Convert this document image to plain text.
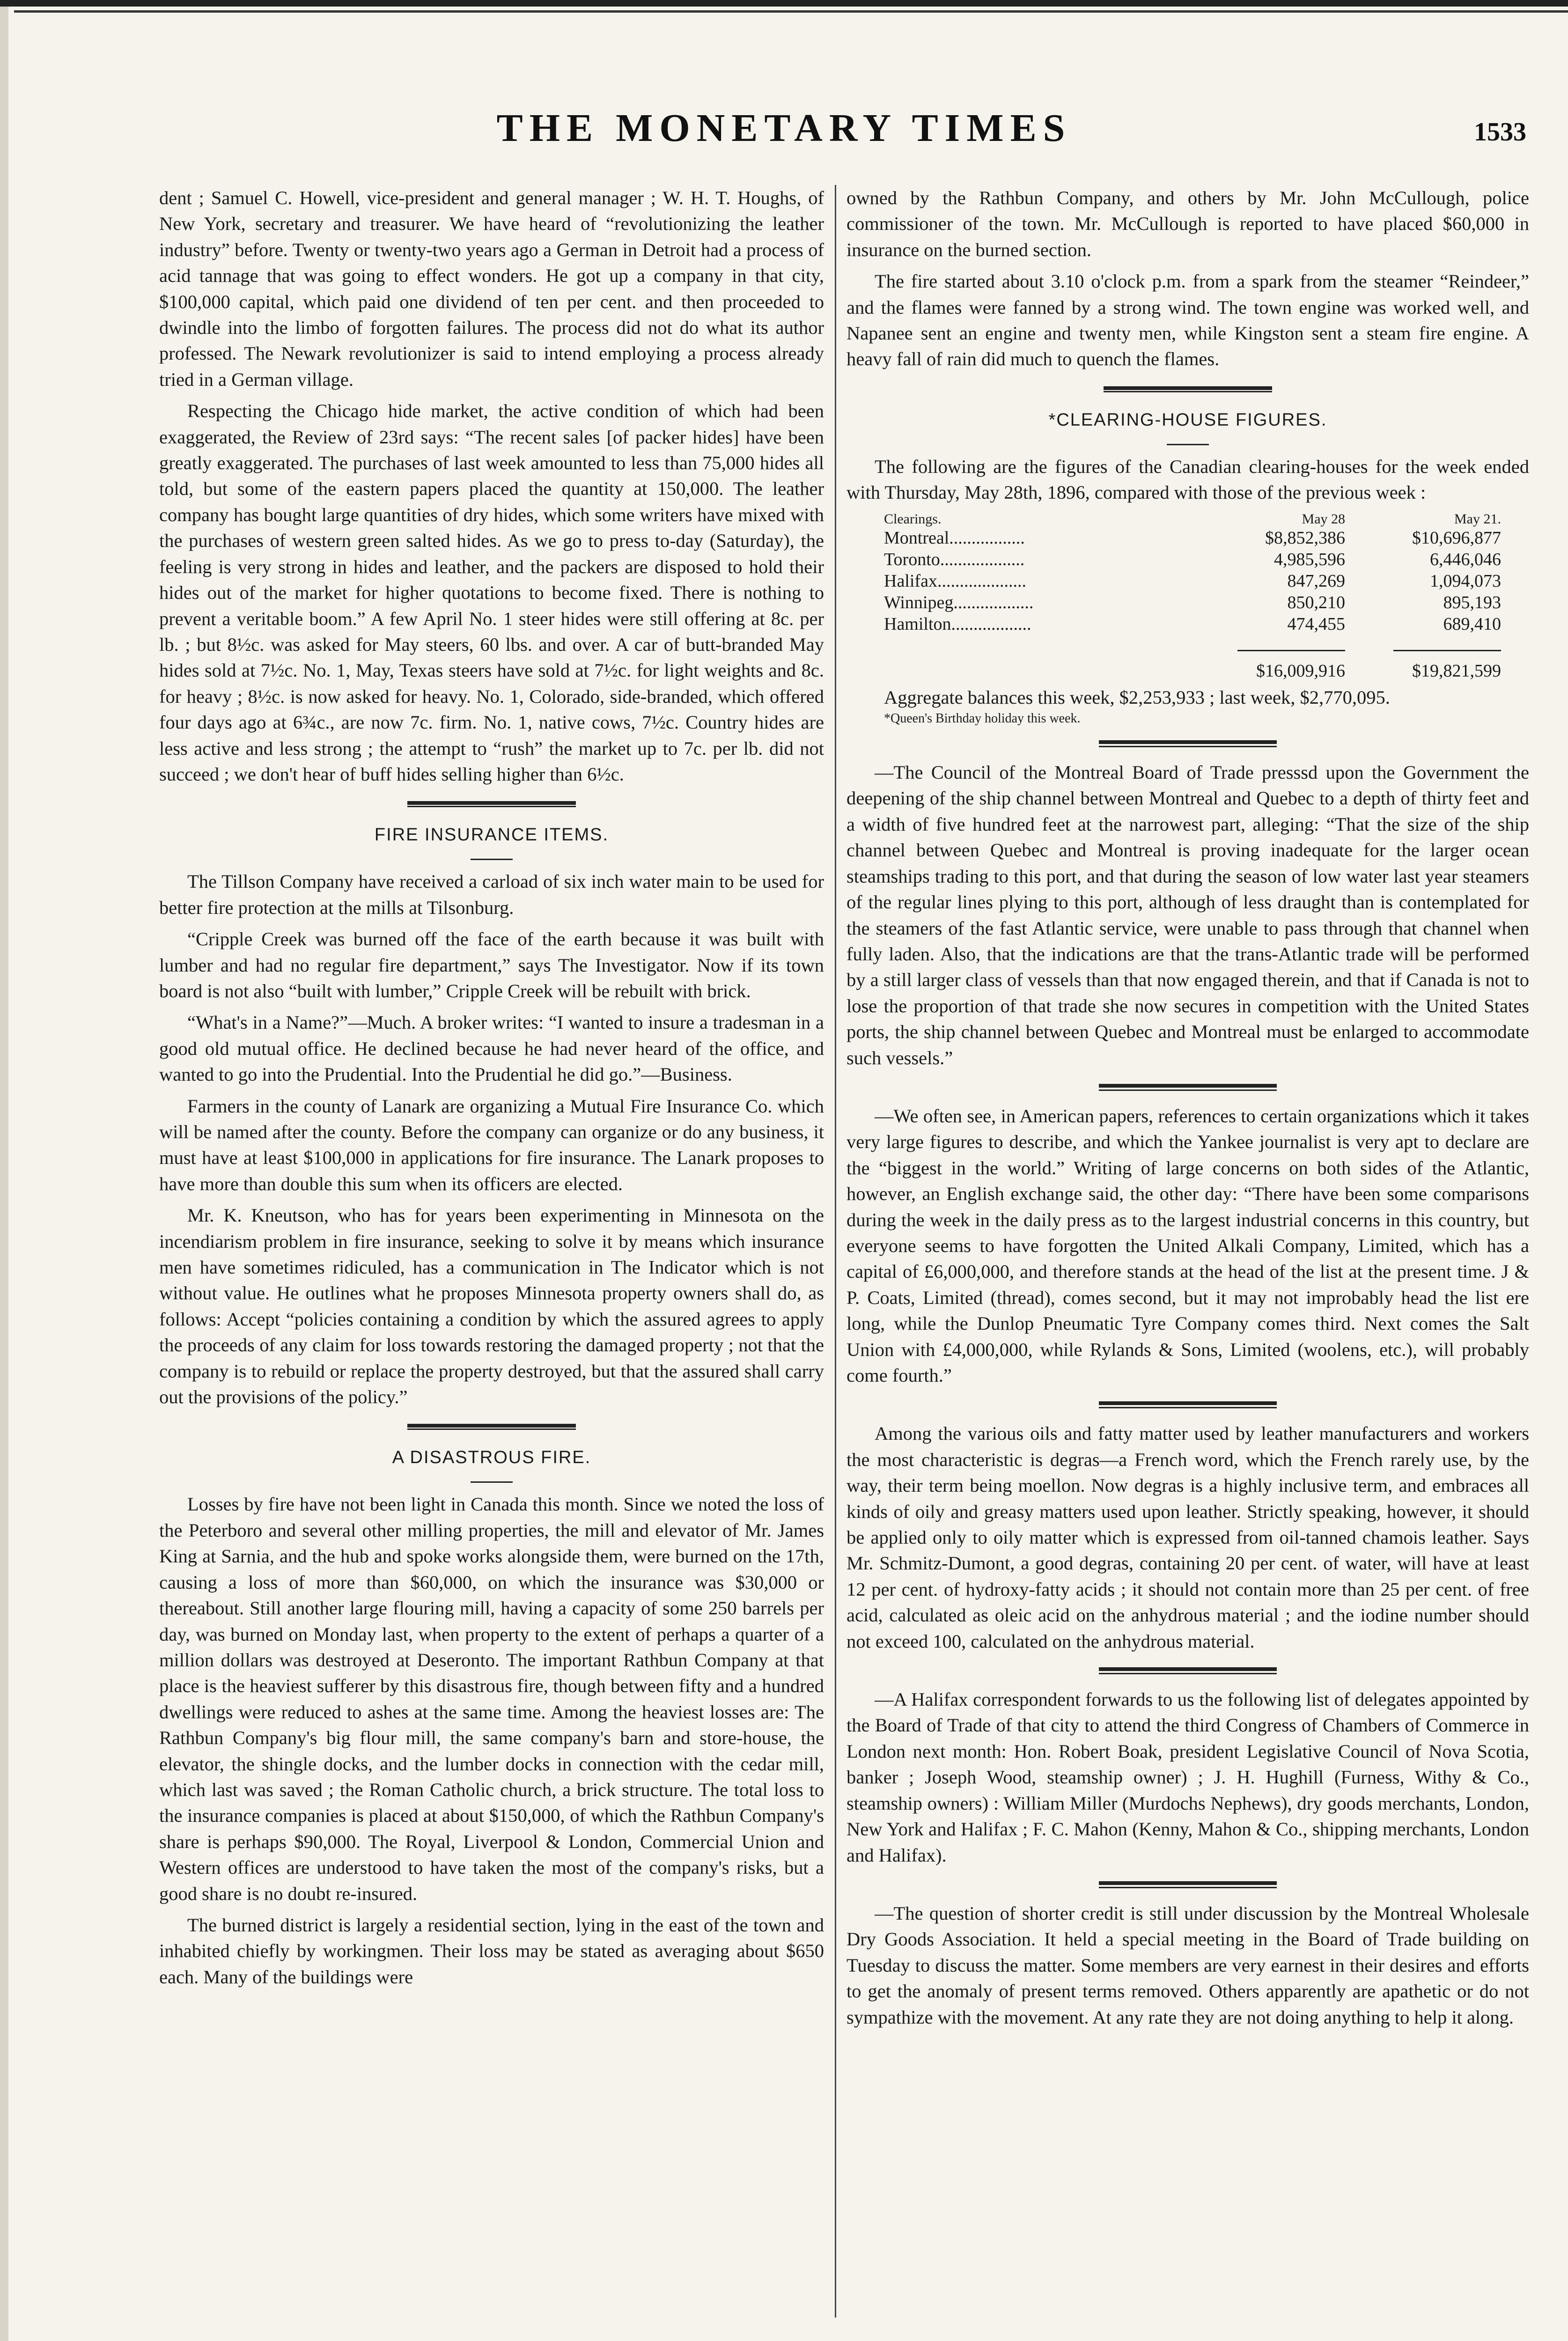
THE MONETARY TIMES	1533

dent ; Samuel C. Howell, vice-president and general manager ; W. H. T. Houghs, of New York, secretary and treasurer. We have heard of “revolutionizing the leather industry” before. Twenty or twenty-two years ago a German in Detroit had a process of acid tannage that was going to effect wonders. He got up a company in that city, $100,000 capital, which paid one dividend of ten per cent. and then proceeded to dwindle into the limbo of forgotten failures. The process did not do what its author professed. The Newark revolutionizer is said to intend employing a process already tried in a German village.

Respecting the Chicago hide market, the active condition of which had been exaggerated, the Review of 23rd says: “The recent sales [of packer hides] have been greatly exaggerated. The purchases of last week amounted to less than 75,000 hides all told, but some of the eastern papers placed the quantity at 150,000. The leather company has bought large quantities of dry hides, which some writers have mixed with the purchases of western green salted hides. As we go to press to-day (Saturday), the feeling is very strong in hides and leather, and the packers are disposed to hold their hides out of the market for higher quotations to become fixed. There is nothing to prevent a veritable boom.” A few April No. 1 steer hides were still offering at 8c. per lb. ; but 8½c. was asked for May steers, 60 lbs. and over. A car of butt-branded May hides sold at 7½c. No. 1, May, Texas steers have sold at 7½c. for light weights and 8c. for heavy ; 8½c. is now asked for heavy. No. 1, Colorado, side-branded, which offered four days ago at 6¾c., are now 7c. firm. No. 1, native cows, 7½c. Country hides are less active and less strong ; the attempt to “rush” the market up to 7c. per lb. did not succeed ; we don't hear of buff hides selling higher than 6½c.

FIRE INSURANCE ITEMS.

The Tillson Company have received a carload of six inch water main to be used for better fire protection at the mills at Tilsonburg.

“Cripple Creek was burned off the face of the earth because it was built with lumber and had no regular fire department,” says The Investigator. Now if its town board is not also “built with lumber,” Cripple Creek will be rebuilt with brick.

“What's in a Name?”—Much. A broker writes: “I wanted to insure a tradesman in a good old mutual office. He declined because he had never heard of the office, and wanted to go into the Prudential. Into the Prudential he did go.”—Business.

Farmers in the county of Lanark are organizing a Mutual Fire Insurance Co. which will be named after the county. Before the company can organize or do any business, it must have at least $100,000 in applications for fire insurance. The Lanark proposes to have more than double this sum when its officers are elected.

Mr. K. Kneutson, who has for years been experimenting in Minnesota on the incendiarism problem in fire insurance, seeking to solve it by means which insurance men have sometimes ridiculed, has a communication in The Indicator which is not without value. He outlines what he proposes Minnesota property owners shall do, as follows: Accept “policies containing a condition by which the assured agrees to apply the proceeds of any claim for loss towards restoring the damaged property ; not that the company is to rebuild or replace the property destroyed, but that the assured shall carry out the provisions of the policy.”

A DISASTROUS FIRE.

Losses by fire have not been light in Canada this month. Since we noted the loss of the Peterboro and several other milling properties, the mill and elevator of Mr. James King at Sarnia, and the hub and spoke works alongside them, were burned on the 17th, causing a loss of more than $60,000, on which the insurance was $30,000 or thereabout. Still another large flouring mill, having a capacity of some 250 barrels per day, was burned on Monday last, when property to the extent of perhaps a quarter of a million dollars was destroyed at Deseronto. The important Rathbun Company at that place is the heaviest sufferer by this disastrous fire, though between fifty and a hundred dwellings were reduced to ashes at the same time. Among the heaviest losses are: The Rathbun Company's big flour mill, the same company's barn and store-house, the elevator, the shingle docks, and the lumber docks in connection with the cedar mill, which last was saved ; the Roman Catholic church, a brick structure. The total loss to the insurance companies is placed at about $150,000, of which the Rathbun Company's share is perhaps $90,000. The Royal, Liverpool & London, Commercial Union and Western offices are understood to have taken the most of the company's risks, but a good share is no doubt re-insured.

The burned district is largely a residential section, lying in the east of the town and inhabited chiefly by workingmen. Their loss may be stated as averaging about $650 each. Many of the buildings were

owned by the Rathbun Company, and others by Mr. John McCullough, police commissioner of the town. Mr. McCullough is reported to have placed $60,000 in insurance on the burned section.

The fire started about 3.10 o'clock p.m. from a spark from the steamer “Reindeer,” and the flames were fanned by a strong wind. The town engine was worked well, and Napanee sent an engine and twenty men, while Kingston sent a steam fire engine. A heavy fall of rain did much to quench the flames.

*CLEARING-HOUSE FIGURES.

The following are the figures of the Canadian clearing-houses for the week ended with Thursday, May 28th, 1896, compared with those of the previous week :

Clearings.	May 28	May 21.
Montreal.................	$8,852,386	$10,696,877
Toronto...................	4,985,596	6,446,046
Halifax....................	847,269	1,094,073
Winnipeg..................	850,210	895,193
Hamilton..................	474,455	689,410

	$16,009,916	$19,821,599

Aggregate balances this week, $2,253,933 ; last week, $2,770,095.

*Queen's Birthday holiday this week.

—The Council of the Montreal Board of Trade presssd upon the Government the deepening of the ship channel between Montreal and Quebec to a depth of thirty feet and a width of five hundred feet at the narrowest part, alleging: “That the size of the ship channel between Quebec and Montreal is proving inadequate for the larger ocean steamships trading to this port, and that during the season of low water last year steamers of the regular lines plying to this port, although of less draught than is contemplated for the steamers of the fast Atlantic service, were unable to pass through that channel when fully laden. Also, that the indications are that the trans-Atlantic trade will be performed by a still larger class of vessels than that now engaged therein, and that if Canada is not to lose the proportion of that trade she now secures in competition with the United States ports, the ship channel between Quebec and Montreal must be enlarged to accommodate such vessels.”

—We often see, in American papers, references to certain organizations which it takes very large figures to describe, and which the Yankee journalist is very apt to declare are the “biggest in the world.” Writing of large concerns on both sides of the Atlantic, however, an English exchange said, the other day: “There have been some comparisons during the week in the daily press as to the largest industrial concerns in this country, but everyone seems to have forgotten the United Alkali Company, Limited, which has a capital of £6,000,000, and therefore stands at the head of the list at the present time. J & P. Coats, Limited (thread), comes second, but it may not improbably head the list ere long, while the Dunlop Pneumatic Tyre Company comes third. Next comes the Salt Union with £4,000,000, while Rylands & Sons, Limited (woolens, etc.), will probably come fourth.”

Among the various oils and fatty matter used by leather manufacturers and workers the most characteristic is degras—a French word, which the French rarely use, by the way, their term being moellon. Now degras is a highly inclusive term, and embraces all kinds of oily and greasy matters used upon leather. Strictly speaking, however, it should be applied only to oily matter which is expressed from oil-tanned chamois leather. Says Mr. Schmitz-Dumont, a good degras, containing 20 per cent. of water, will have at least 12 per cent. of hydroxy-fatty acids ; it should not contain more than 25 per cent. of free acid, calculated as oleic acid on the anhydrous material ; and the iodine number should not exceed 100, calculated on the anhydrous material.

—A Halifax correspondent forwards to us the following list of delegates appointed by the Board of Trade of that city to attend the third Congress of Chambers of Commerce in London next month: Hon. Robert Boak, president Legislative Council of Nova Scotia, banker ; Joseph Wood, steamship owner) ; J. H. Hughill (Furness, Withy & Co., steamship owners) : William Miller (Murdochs Nephews), dry goods merchants, London, New York and Halifax ; F. C. Mahon (Kenny, Mahon & Co., shipping merchants, London and Halifax).

—The question of shorter credit is still under discussion by the Montreal Wholesale Dry Goods Association. It held a special meeting in the Board of Trade building on Tuesday to discuss the matter. Some members are very earnest in their desires and efforts to get the anomaly of present terms removed. Others apparently are apathetic or do not sympathize with the movement. At any rate they are not doing anything to help it along.
